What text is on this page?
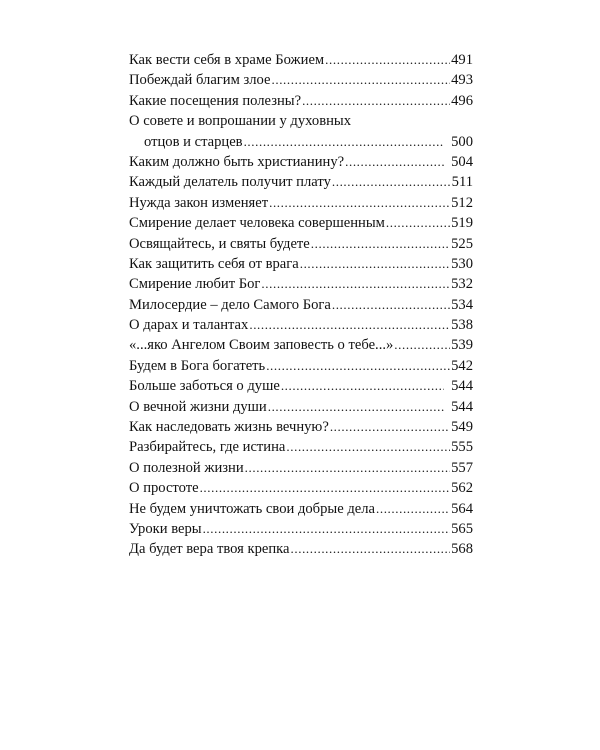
Как вести себя в храме Божием .....	491
Побеждай благим злое .....	493
Какие посещения полезны? .....	496
О совете и вопрошании у духовных
отцов и старцев .....	500
Каким должно быть христианину? .....	504
Каждый делатель получит плату .....	511
Нужда закон изменяет .....	512
Смирение делает человека совершенным .....	519
Освящайтесь, и святы будете .....	525
Как защитить себя от врага .....	530
Смирение любит Бог .....	532
Милосердие – дело Самого Бога .....	534
О дарах и талантах .....	538
«...яко Ангелом Своим заповесть о тебе...» .....	539
Будем в Бога богатеть .....	542
Больше заботься о душе .....	544
О вечной жизни души .....	544
Как наследовать жизнь вечную? .....	549
Разбирайтесь, где истина .....	555
О полезной жизни .....	557
О простоте .....	562
Не будем уничтожать свои добрые дела .....	564
Уроки веры .....	565
Да будет вера твоя крепка .....	568
